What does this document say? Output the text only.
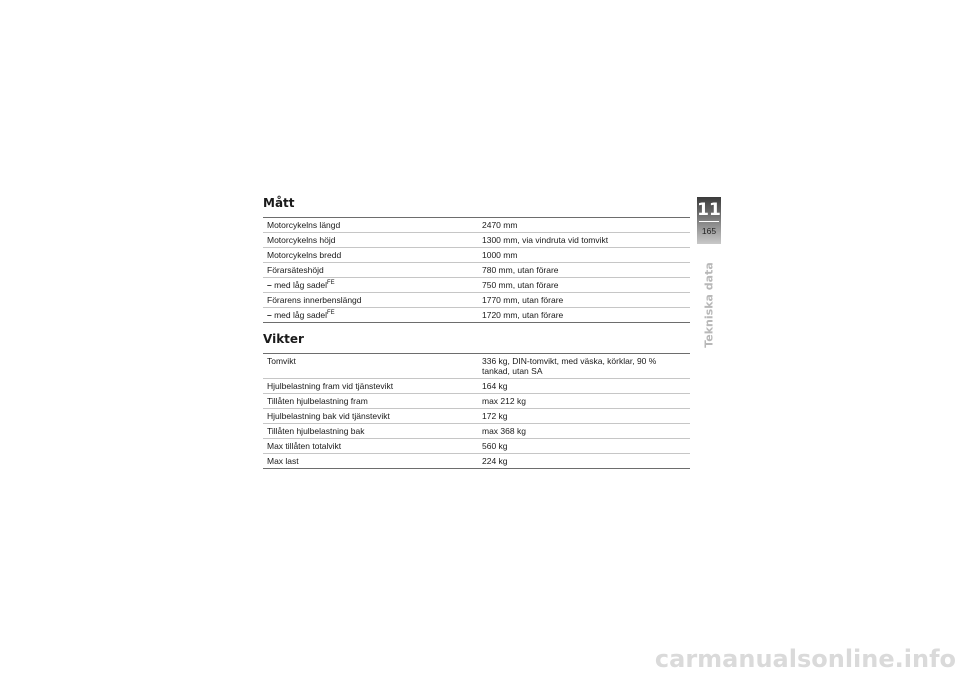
Mått
Motorcykelns längd	2470 mm
Motorcykelns höjd	1300 mm, via vindruta vid tomvikt
Motorcykelns bredd	1000 mm
Förarsäteshöjd	780 mm, utan förare
– med låg sadel$^{FE}$	750 mm, utan förare
Förarens innerbenslängd	1770 mm, utan förare
– med låg sadel$^{FE}$	1720 mm, utan förare
Vikter
Tomvikt	336 kg, DIN-tomvikt, med väska, körklar, 90 %
tankad, utan SA
Hjulbelastning fram vid tjänstevikt	164 kg
Tillåten hjulbelastning fram	max 212 kg
Hjulbelastning bak vid tjänstevikt	172 kg
Tillåten hjulbelastning bak	max 368 kg
Max tillåten totalvikt	560 kg
Max last	224 kg
11
165
Tekniska data
carmanualsonline.info
